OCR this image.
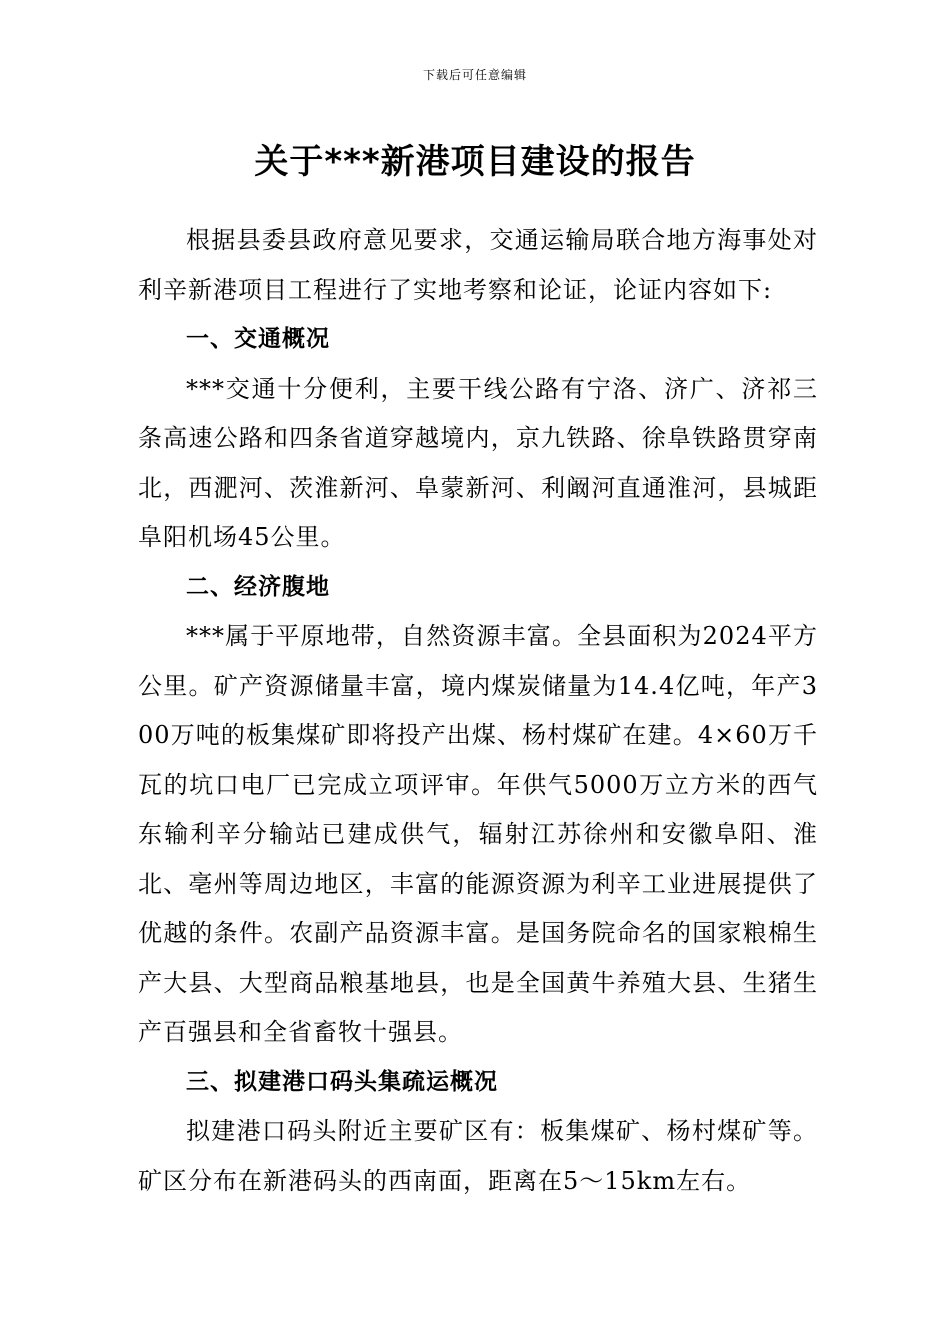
下载后可任意编辑
关于***新港项目建设的报告

根据县委县政府意见要求，交通运输局联合地方海事处对利辛新港项目工程进行了实地考察和论证，论证内容如下:

一、交通概况

***交通十分便利，主要干线公路有宁洛、济广、济祁三条高速公路和四条省道穿越境内，京九铁路、徐阜铁路贯穿南北，西淝河、茨淮新河、阜蒙新河、利阚河直通淮河，县城距阜阳机场45公里。

二、经济腹地

***属于平原地带，自然资源丰富。全县面积为2024平方公里。矿产资源储量丰富，境内煤炭储量为14.4亿吨，年产300万吨的板集煤矿即将投产出煤、杨村煤矿在建。4×60万千瓦的坑口电厂已完成立项评审。年供气5000万立方米的西气东输利辛分输站已建成供气，辐射江苏徐州和安徽阜阳、淮北、亳州等周边地区，丰富的能源资源为利辛工业进展提供了优越的条件。农副产品资源丰富。是国务院命名的国家粮棉生产大县、大型商品粮基地县，也是全国黄牛养殖大县、生猪生产百强县和全省畜牧十强县。

三、拟建港口码头集疏运概况

拟建港口码头附近主要矿区有：板集煤矿、杨村煤矿等。矿区分布在新港码头的西南面，距离在5～15km左右。
